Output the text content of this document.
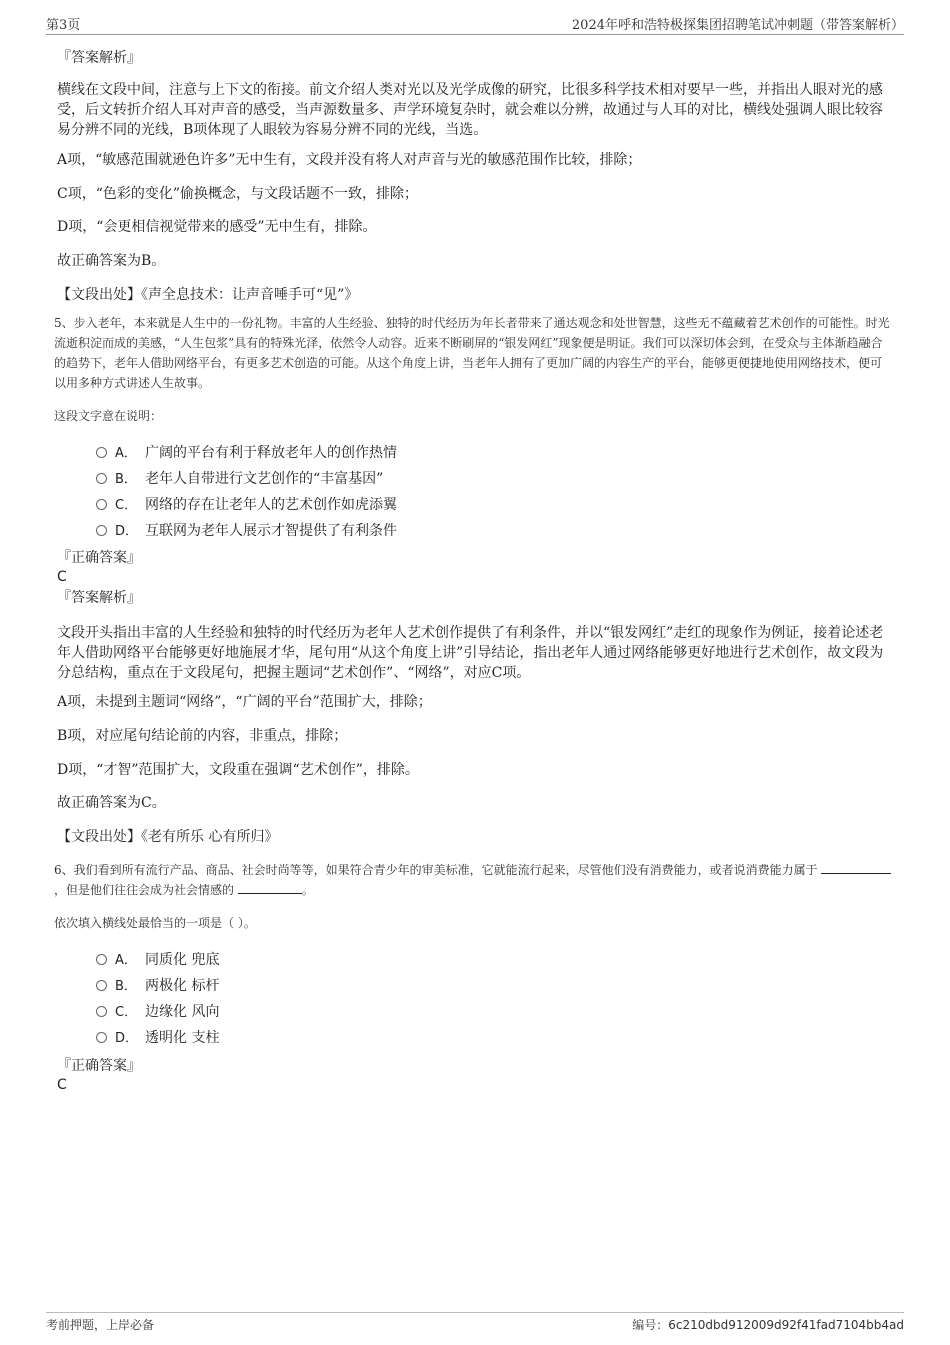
第3页	2024年呼和浩特极探集团招聘笔试冲刺题（带答案解析）
『答案解析』
横线在文段中间，注意与上下文的衔接。前文介绍人类对光以及光学成像的研究，比很多科学技术相对要早一些，并指出人眼对光的感受，后文转折介绍人耳对声音的感受，当声源数量多、声学环境复杂时，就会难以分辨，故通过与人耳的对比，横线处强调人眼比较容易分辨不同的光线，B项体现了人眼较为容易分辨不同的光线，当选。
A项，“敏感范围就逊色许多”无中生有，文段并没有将人对声音与光的敏感范围作比较，排除；
C项，“色彩的变化”偷换概念，与文段话题不一致，排除；
D项，“会更相信视觉带来的感受”无中生有，排除。
故正确答案为B。
【文段出处】《声全息技术：让声音唾手可“见”》
5、步入老年，本来就是人生中的一份礼物。丰富的人生经验、独特的时代经历为年长者带来了通达观念和处世智慧，这些无不蕴藏着艺术创作的可能性。时光流逝积淀而成的美感，“人生包浆”具有的特殊光泽，依然令人动容。近来不断刷屏的“银发网红”现象便是明证。我们可以深切体会到，在受众与主体渐趋融合的趋势下，老年人借助网络平台，有更多艺术创造的可能。从这个角度上讲，当老年人拥有了更加广阔的内容生产的平台，能够更便捷地使用网络技术，便可以用多种方式讲述人生故事。
这段文字意在说明：
A． 广阔的平台有利于释放老年人的创作热情
B． 老年人自带进行文艺创作的“丰富基因”
C． 网络的存在让老年人的艺术创作如虎添翼
D． 互联网为老年人展示才智提供了有利条件
『正确答案』
C
『答案解析』
文段开头指出丰富的人生经验和独特的时代经历为老年人艺术创作提供了有利条件，并以“银发网红”走红的现象作为例证，接着论述老年人借助网络平台能够更好地施展才华，尾句用“从这个角度上讲”引导结论，指出老年人通过网络能够更好地进行艺术创作，故文段为分总结构，重点在于文段尾句，把握主题词“艺术创作”、“网络”，对应C项。
A项，未提到主题词“网络”，“广阔的平台”范围扩大，排除；
B项，对应尾句结论前的内容，非重点，排除；
D项，“才智”范围扩大，文段重在强调“艺术创作”，排除。
故正确答案为C。
【文段出处】《老有所乐 心有所归》
6、我们看到所有流行产品、商品、社会时尚等等，如果符合青少年的审美标准，它就能流行起来，尽管他们没有消费能力，或者说消费能力属于 ，但是他们往往会成为社会情感的	。
依次填入横线处最恰当的一项是（ ）。
A． 同质化 兜底
B． 两极化 标杆
C． 边缘化 风向
D． 透明化 支柱
『正确答案』
C
考前押题，上岸必备	编号：6c210dbd912009d92f41fad7104bb4ad
